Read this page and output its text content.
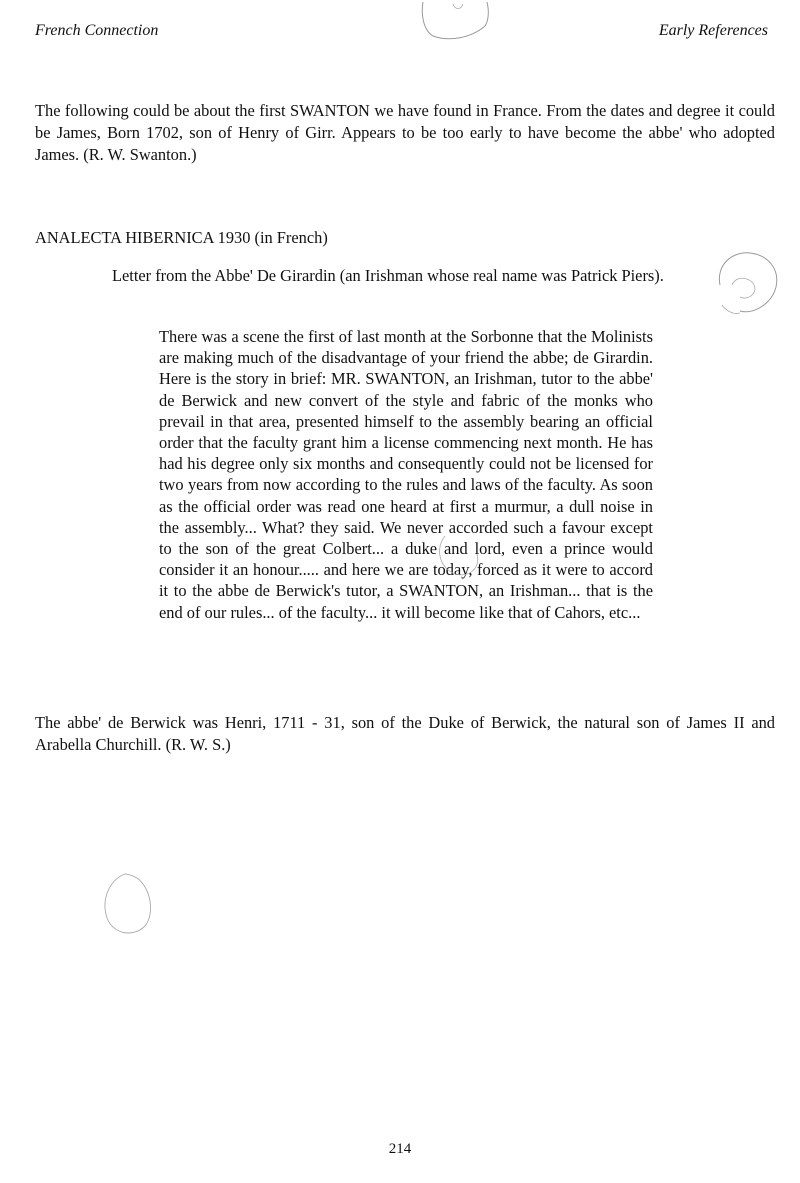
French Connection	Early References
The following could be about the first SWANTON we have found in France. From the dates and degree it could be James, Born 1702, son of Henry of Girr. Appears to be too early to have become the abbe' who adopted James. (R. W. Swanton.)
ANALECTA HIBERNICA 1930 (in French)
Letter from the Abbe' De Girardin (an Irishman whose real name was Patrick Piers).
There was a scene the first of last month at the Sorbonne that the Molinists are making much of the disadvantage of your friend the abbe; de Girardin. Here is the story in brief: MR. SWANTON, an Irishman, tutor to the abbe' de Berwick and new convert of the style and fabric of the monks who prevail in that area, presented himself to the assembly bearing an official order that the faculty grant him a license commencing next month. He has had his degree only six months and consequently could not be licensed for two years from now according to the rules and laws of the faculty. As soon as the official order was read one heard at first a murmur, a dull noise in the assembly... What? they said. We never accorded such a favour except to the son of the great Colbert... a duke and lord, even a prince would consider it an honour..... and here we are today, forced as it were to accord it to the abbe de Berwick's tutor, a SWANTON, an Irishman... that is the end of our rules... of the faculty... it will become like that of Cahors, etc...
The abbe' de Berwick was Henri, 1711 - 31, son of the Duke of Berwick, the natural son of James II and Arabella Churchill. (R. W. S.)
214
